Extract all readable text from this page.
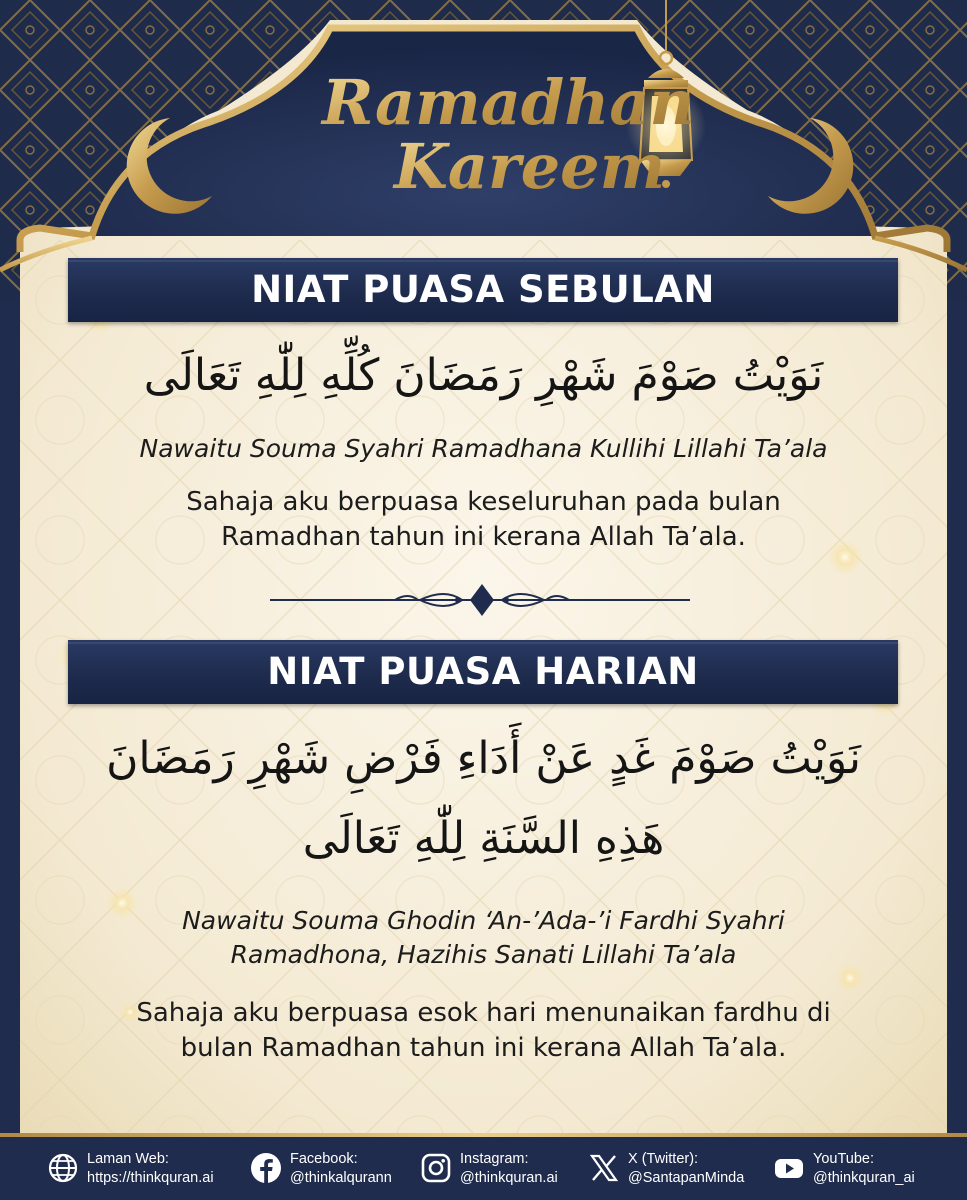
Ramadhan
Kareem
NIAT PUASA SEBULAN
نَوَيْتُ صَوْمَ شَهْرِ رَمَضَانَ كُلِّهِ لِلّٰهِ تَعَالَى
Nawaitu Souma Syahri Ramadhana Kullihi Lillahi Ta’ala
Sahaja aku berpuasa keseluruhan pada bulan
Ramadhan tahun ini kerana Allah Ta’ala.
NIAT PUASA HARIAN
نَوَيْتُ صَوْمَ غَدٍ عَنْ أَدَاءِ فَرْضِ شَهْرِ رَمَضَانَ
هَذِهِ السَّنَةِ لِلّٰهِ تَعَالَى
Nawaitu Souma Ghodin ‘An-’Ada-’i Fardhi Syahri
Ramadhona, Hazihis Sanati Lillahi Ta’ala
Sahaja aku berpuasa esok hari menunaikan fardhu di
bulan Ramadhan tahun ini kerana Allah Ta’ala.
Laman Web:
https://thinkquran.ai
Facebook:
@thinkalqurann
Instagram:
@thinkquran.ai
X (Twitter):
@SantapanMinda
YouTube:
@thinkquran_ai
